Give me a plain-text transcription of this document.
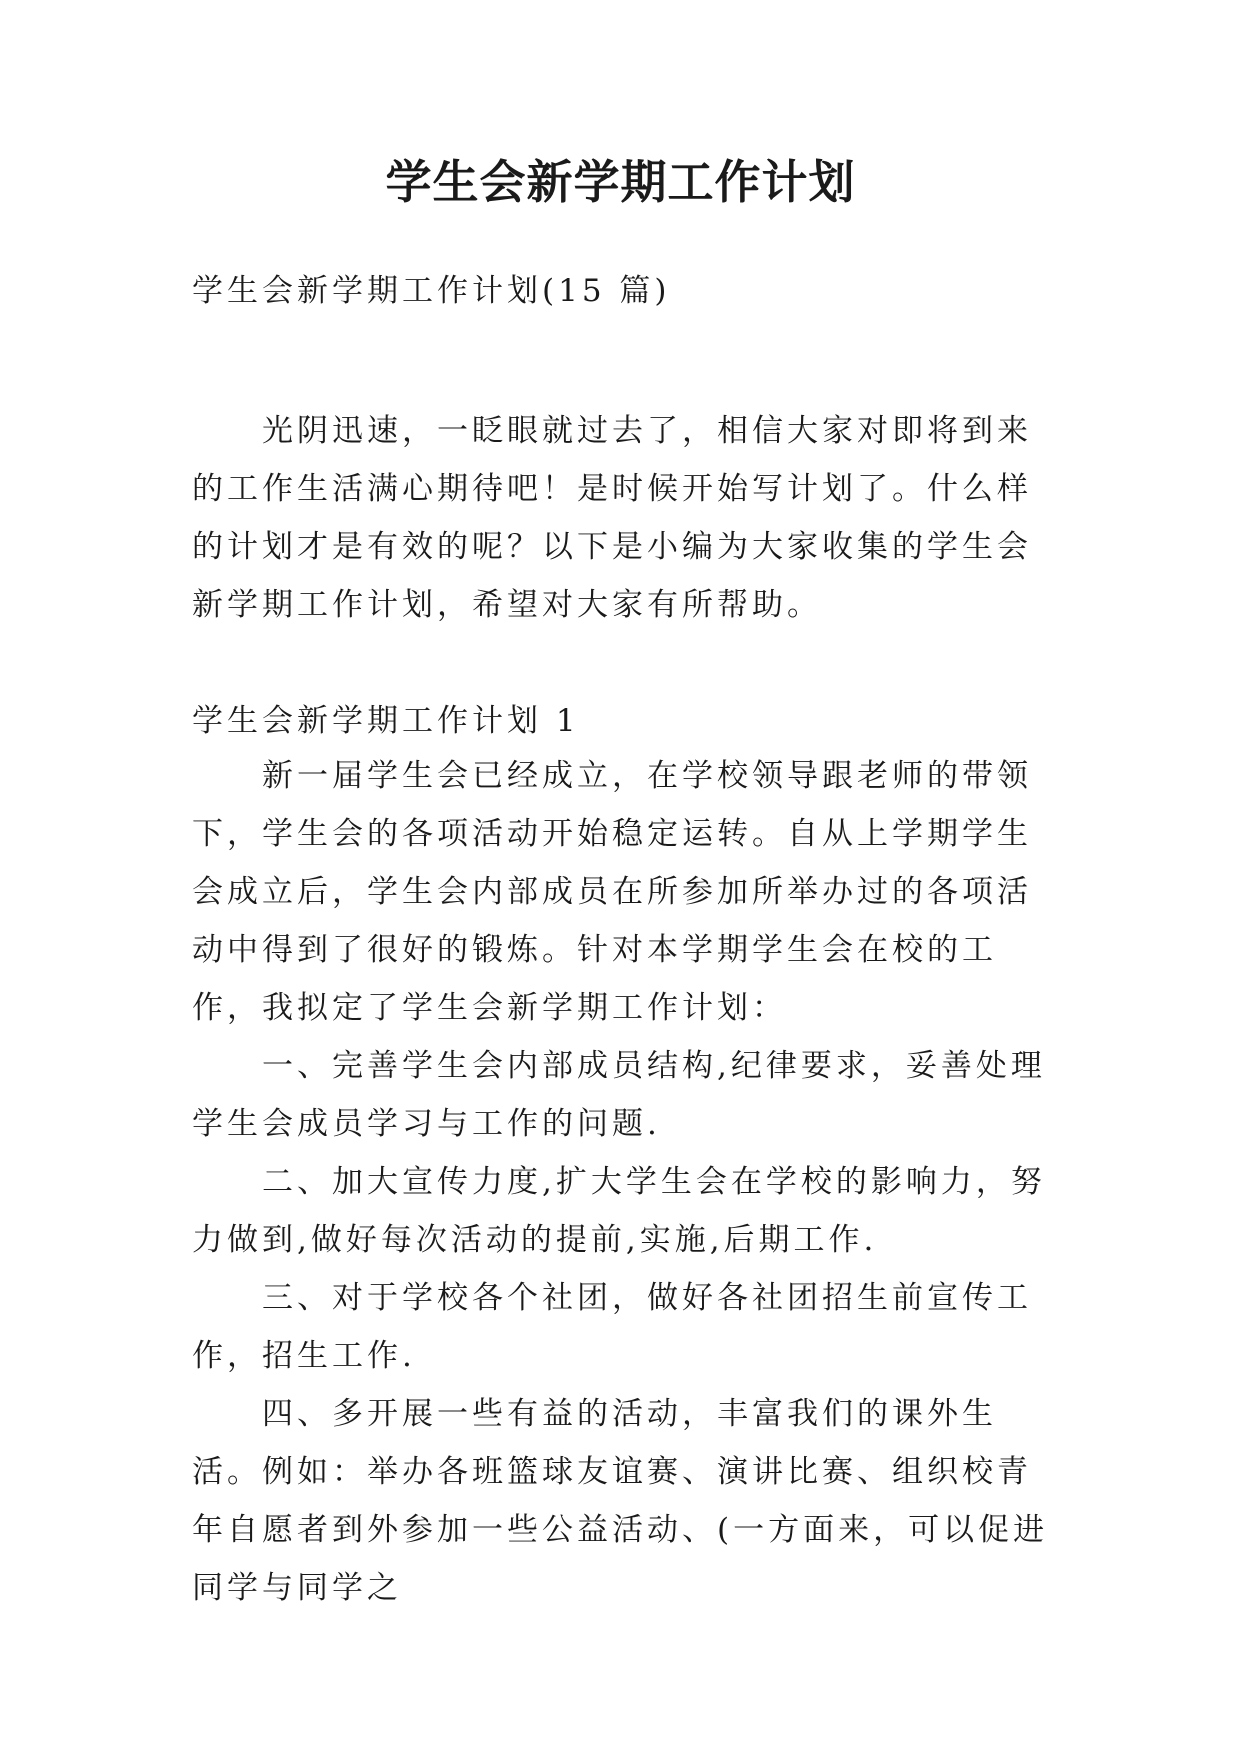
学生会新学期工作计划

学生会新学期工作计划(15 篇)

光阴迅速，一眨眼就过去了，相信大家对即将到来的工作生活满心期待吧！是时候开始写计划了。什么样的计划才是有效的呢？以下是小编为大家收集的学生会新学期工作计划，希望对大家有所帮助。

学生会新学期工作计划 1

新一届学生会已经成立，在学校领导跟老师的带领下，学生会的各项活动开始稳定运转。自从上学期学生会成立后，学生会内部成员在所参加所举办过的各项活动中得到了很好的锻炼。针对本学期学生会在校的工作，我拟定了学生会新学期工作计划：

一、完善学生会内部成员结构,纪律要求，妥善处理学生会成员学习与工作的问题.

二、加大宣传力度,扩大学生会在学校的影响力，努力做到,做好每次活动的提前,实施,后期工作.

三、对于学校各个社团，做好各社团招生前宣传工作，招生工作.

四、多开展一些有益的活动，丰富我们的课外生活。例如：举办各班篮球友谊赛、演讲比赛、组织校青年自愿者到外参加一些公益活动、(一方面来，可以促进同学与同学之
